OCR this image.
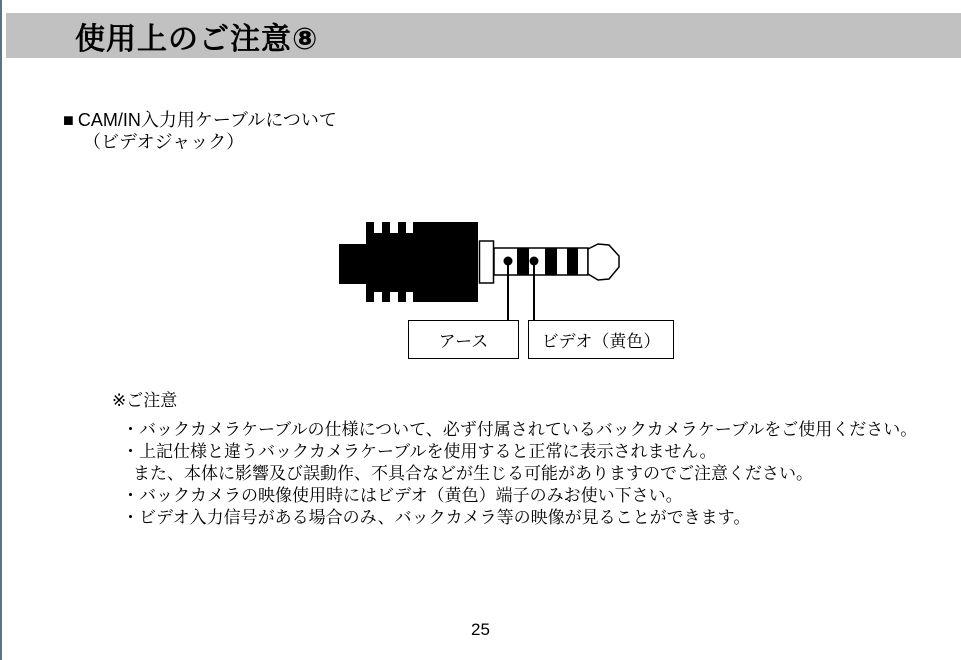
使用上のご注意⑧
■ CAM/IN入力用ケーブルについて
（ビデオジャック）
アース	ビデオ（黄色）
※ご注意
・バックカメラケーブルの仕様について、必ず付属されているバックカメラケーブルをご使用ください。
・上記仕様と違うバックカメラケーブルを使用すると正常に表示されません。
また、本体に影響及び誤動作、不具合などが生じる可能がありますのでご注意ください。
・バックカメラの映像使用時にはビデオ（黄色）端子のみお使い下さい。
・ビデオ入力信号がある場合のみ、バックカメラ等の映像が見ることができます。
25
